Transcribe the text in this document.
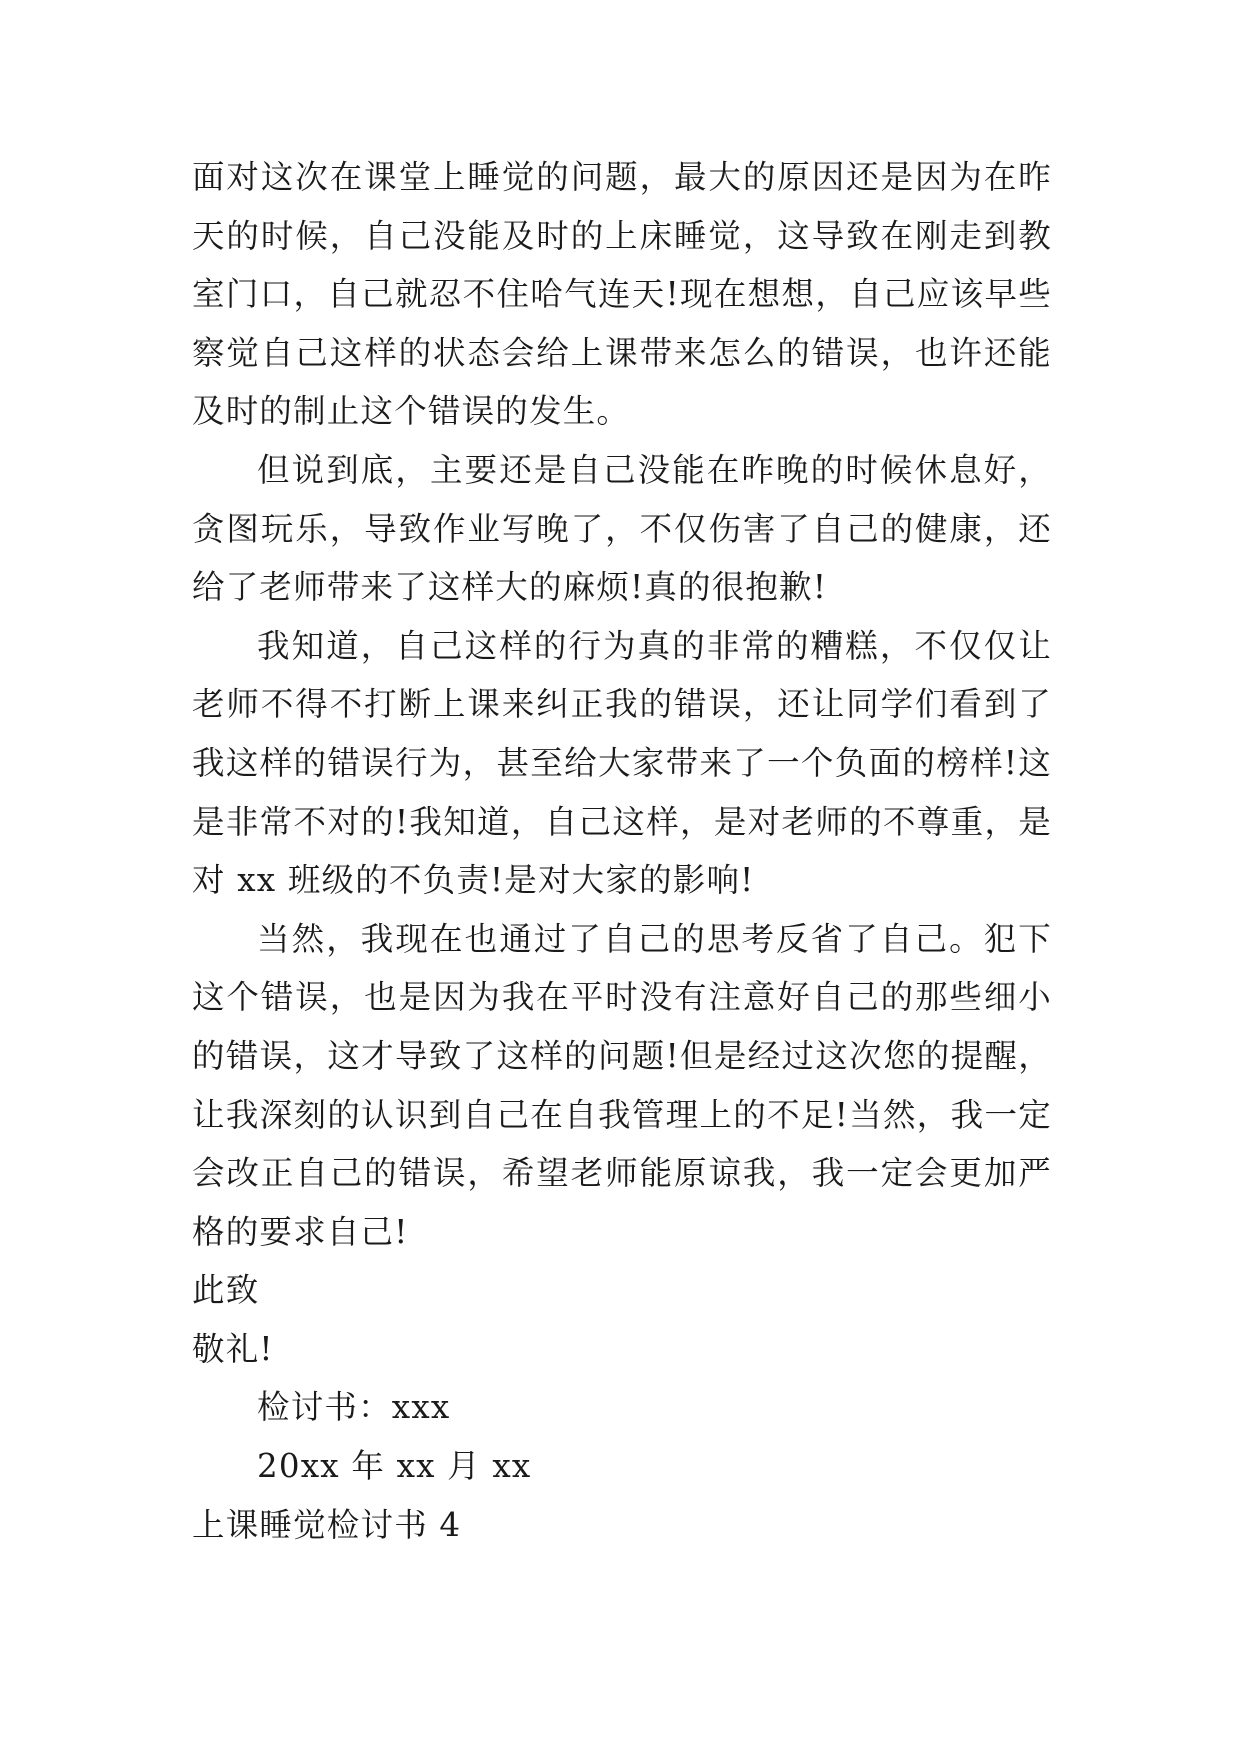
面对这次在课堂上睡觉的问题，最大的原因还是因为在昨天的时候，自己没能及时的上床睡觉，这导致在刚走到教室门口，自己就忍不住哈气连天!现在想想，自己应该早些察觉自己这样的状态会给上课带来怎么的错误，也许还能及时的制止这个错误的发生。

但说到底，主要还是自己没能在昨晚的时候休息好，贪图玩乐，导致作业写晚了，不仅伤害了自己的健康，还给了老师带来了这样大的麻烦!真的很抱歉!

我知道，自己这样的行为真的非常的糟糕，不仅仅让老师不得不打断上课来纠正我的错误，还让同学们看到了我这样的错误行为，甚至给大家带来了一个负面的榜样!这是非常不对的!我知道，自己这样，是对老师的不尊重，是对 xx 班级的不负责!是对大家的影响!

当然，我现在也通过了自己的思考反省了自己。犯下这个错误，也是因为我在平时没有注意好自己的那些细小的错误，这才导致了这样的问题!但是经过这次您的提醒，让我深刻的认识到自己在自我管理上的不足!当然，我一定会改正自己的错误，希望老师能原谅我，我一定会更加严格的要求自己!

此致

敬礼!

检讨书：xxx

20xx 年 xx 月 xx

上课睡觉检讨书 4
